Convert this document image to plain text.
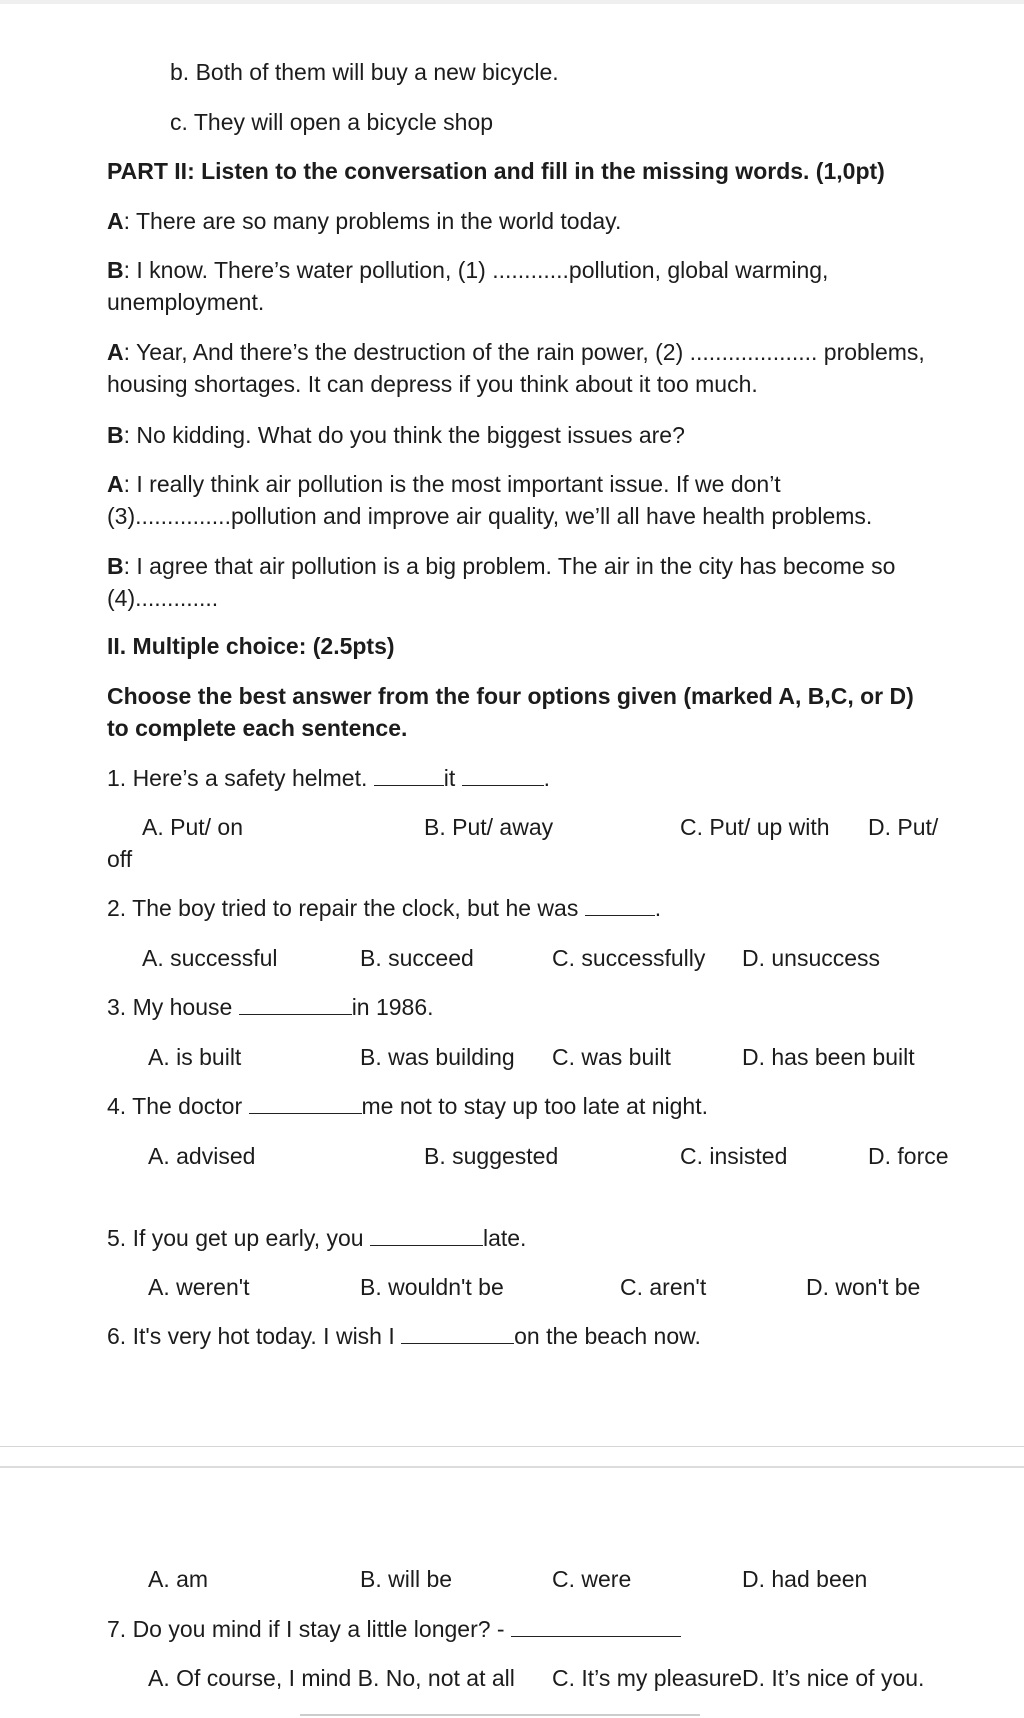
b. Both of them will buy a new bicycle.
c. They will open a bicycle shop
PART II: Listen to the conversation and fill in the missing words. (1,0pt)
A: There are so many problems in the world today.
B: I know. There’s water pollution, (1) ............pollution, global warming,
unemployment.
A: Year, And there’s the destruction of the rain power, (2) .................... problems,
housing shortages. It can depress if you think about it too much.
B: No kidding. What do you think the biggest issues are?
A: I really think air pollution is the most important issue. If we don’t
(3)...............pollution and improve air quality, we’ll all have health problems.
B: I agree that air pollution is a big problem. The air in the city has become so
(4).............
II. Multiple choice: (2.5pts)
Choose the best answer from the four options given (marked A, B,C, or D)
to complete each sentence.
1. Here’s a safety helmet.	it	.
A. Put/ on	B. Put/ away	C. Put/ up with D. Put/
off
2. The boy tried to repair the clock, but he was	.
A. successful	B. succeed	C. successfully D. unsuccess
3. My house	in 1986.
A. is built	B. was building C. was built	D. has been built
4. The doctor	me not to stay up too late at night.
A. advised	B. suggested	C. insisted	D. force
5. If you get up early, you	late.
A. weren't	B. wouldn't be	C. aren't	D. won't be
6. It's very hot today. I wish I	on the beach now.
A. am	B. will be	C. were	D. had been
7. Do you mind if I stay a little longer? -
A. Of course, I mind B. No, not at all C. It’s my pleasureD. It’s nice of you.
